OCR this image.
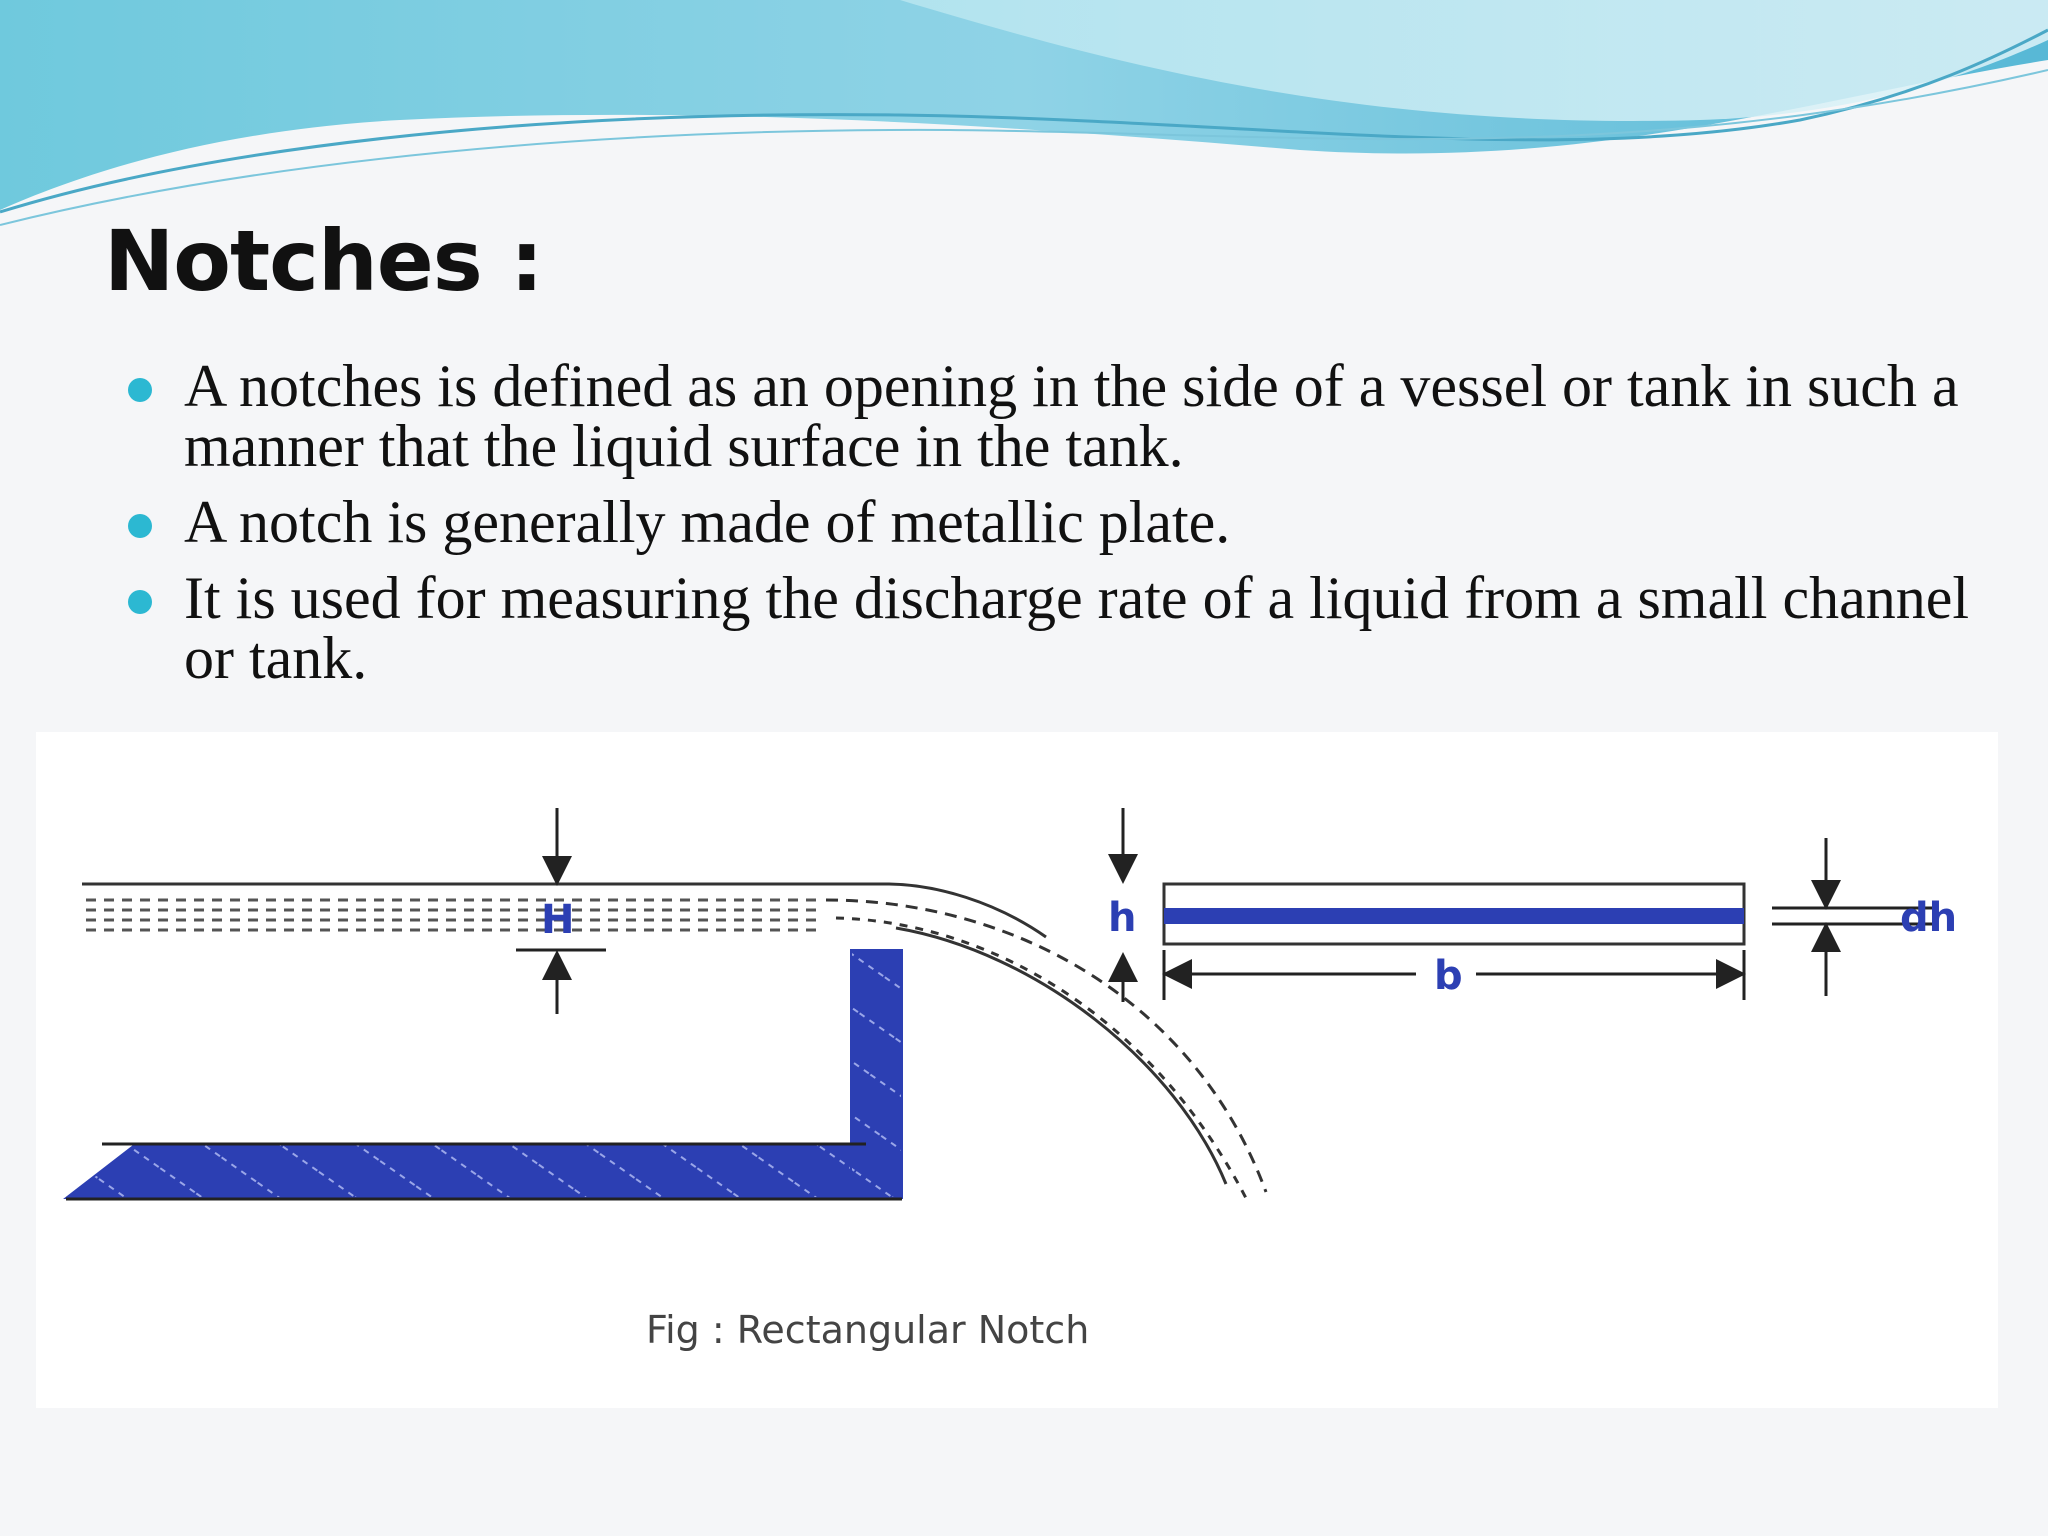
Notches :
A notches is defined as an opening in the side of a vessel or tank in such a manner that the liquid surface in the tank.
A notch is generally made of metallic plate.
It is used for measuring the discharge rate of a liquid from a small channel or tank.
H	h
b
dh
Fig : Rectangular Notch
